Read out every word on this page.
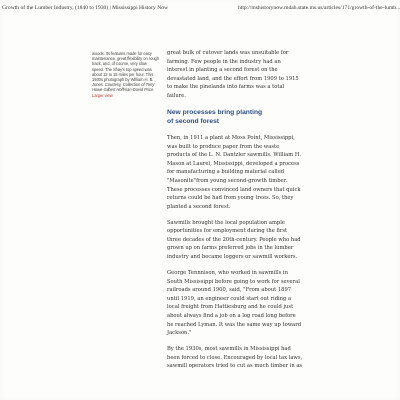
Growth of the Lumber Industry, (1840 to 1930) | Mississippi History Now	http://mshistorynow.mdah.state.ms.us/articles/171/growth-of-the-lumb...
woods. Its features made for easy
maintenance, great flexibility on rough
track, and, of course, very slow
speed. The Shay's top speed was
about 12 to 15 miles per hour. This
1930s photograph by William H. B.
Jones. Courtesy, Collection of Tony
Howe-Gilbert Hoffman-David Price.
Larger view
great bulk of cutover lands was unsuitable for
farming. Few people in the industry had an
interest in planting a second forest on the
devastated land, and the effort from 1909 to 1915
to make the pinelands into farms was a total
failure.
New processes bring planting
of second forest
Then, in 1911 a plant at Moss Point, Mississippi,
was built to produce paper from the waste
products of the L. N. Dantzler sawmills. William H.
Mason at Laurel, Mississippi, developed a process
for manufacturing a building material called
"Masonite"from young second-growth timber.
These processes convinced land owners that quick
returns could be had from young trees. So, they
planted a second forest.
Sawmills brought the local population ample
opportunities for employment during the first
three decades of the 20th-century. People who had
grown up on farms preferred jobs in the lumber
industry and became loggers or sawmill workers.
George Tennnison, who worked in sawmills in
South Mississippi before going to work for several
railroads around 1900, said, "From about 1897
until 1919, an engineer could start out riding a
local freight from Hattiesburg and he could just
about always find a job on a log road long before
he reached Lyman. It was the same way up toward
Jackson."
By the 1930s, most sawmills in Mississippi had
been forced to close. Encouraged by local tax laws,
sawmill operators tried to cut as much timber in as
